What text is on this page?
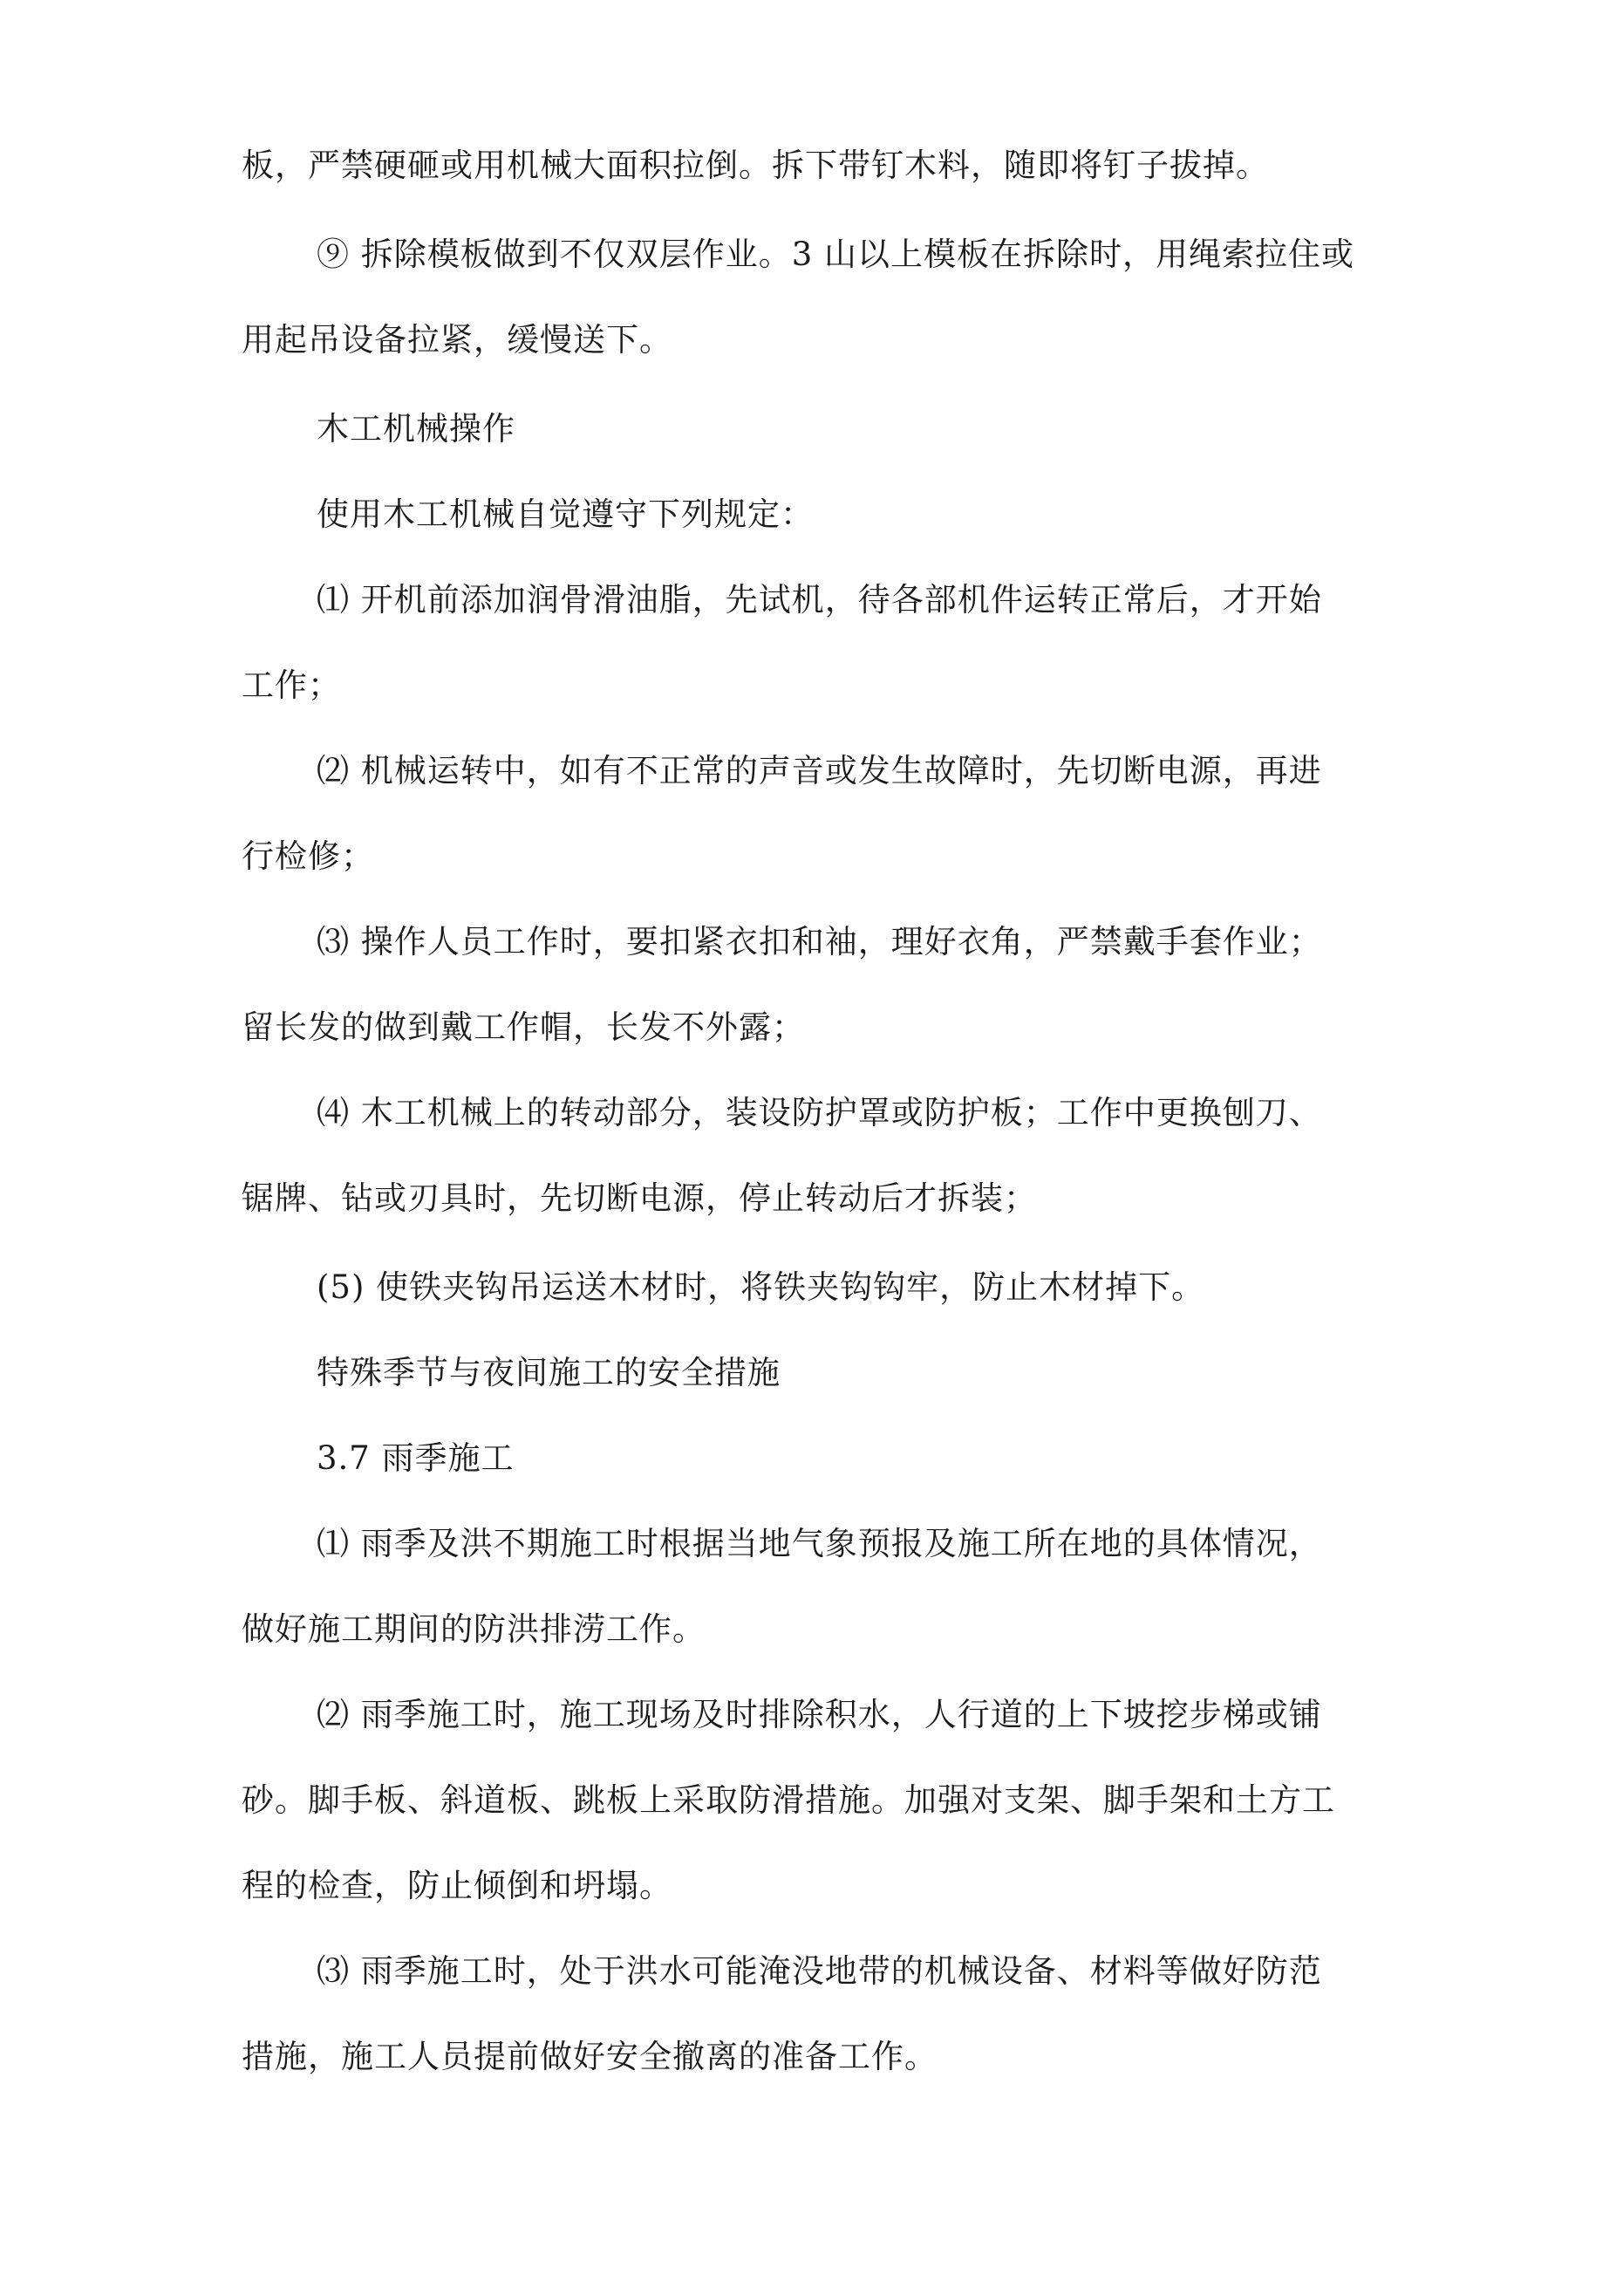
板，严禁硬砸或用机械大面积拉倒。拆下带钉木料，随即将钉子拔掉。
⑨ 拆除模板做到不仅双层作业。3 山以上模板在拆除时，用绳索拉住或
用起吊设备拉紧，缓慢送下。
木工机械操作
使用木工机械自觉遵守下列规定：
⑴ 开机前添加润骨滑油脂，先试机，待各部机件运转正常后，才开始
工作；
⑵ 机械运转中，如有不正常的声音或发生故障时，先切断电源，再进
行检修；
⑶ 操作人员工作时，要扣紧衣扣和袖，理好衣角，严禁戴手套作业；
留长发的做到戴工作帽，长发不外露；
⑷ 木工机械上的转动部分，装设防护罩或防护板；工作中更换刨刀、
锯牌、钻或刃具时，先切断电源，停止转动后才拆装；
(5) 使铁夹钩吊运送木材时，将铁夹钩钩牢，防止木材掉下。
特殊季节与夜间施工的安全措施
3.7 雨季施工
⑴ 雨季及洪不期施工时根据当地气象预报及施工所在地的具体情况，
做好施工期间的防洪排涝工作。
⑵ 雨季施工时，施工现场及时排除积水，人行道的上下坡挖步梯或铺
砂。脚手板、斜道板、跳板上采取防滑措施。加强对支架、脚手架和土方工
程的检查，防止倾倒和坍塌。
⑶ 雨季施工时，处于洪水可能淹没地带的机械设备、材料等做好防范
措施，施工人员提前做好安全撤离的准备工作。
